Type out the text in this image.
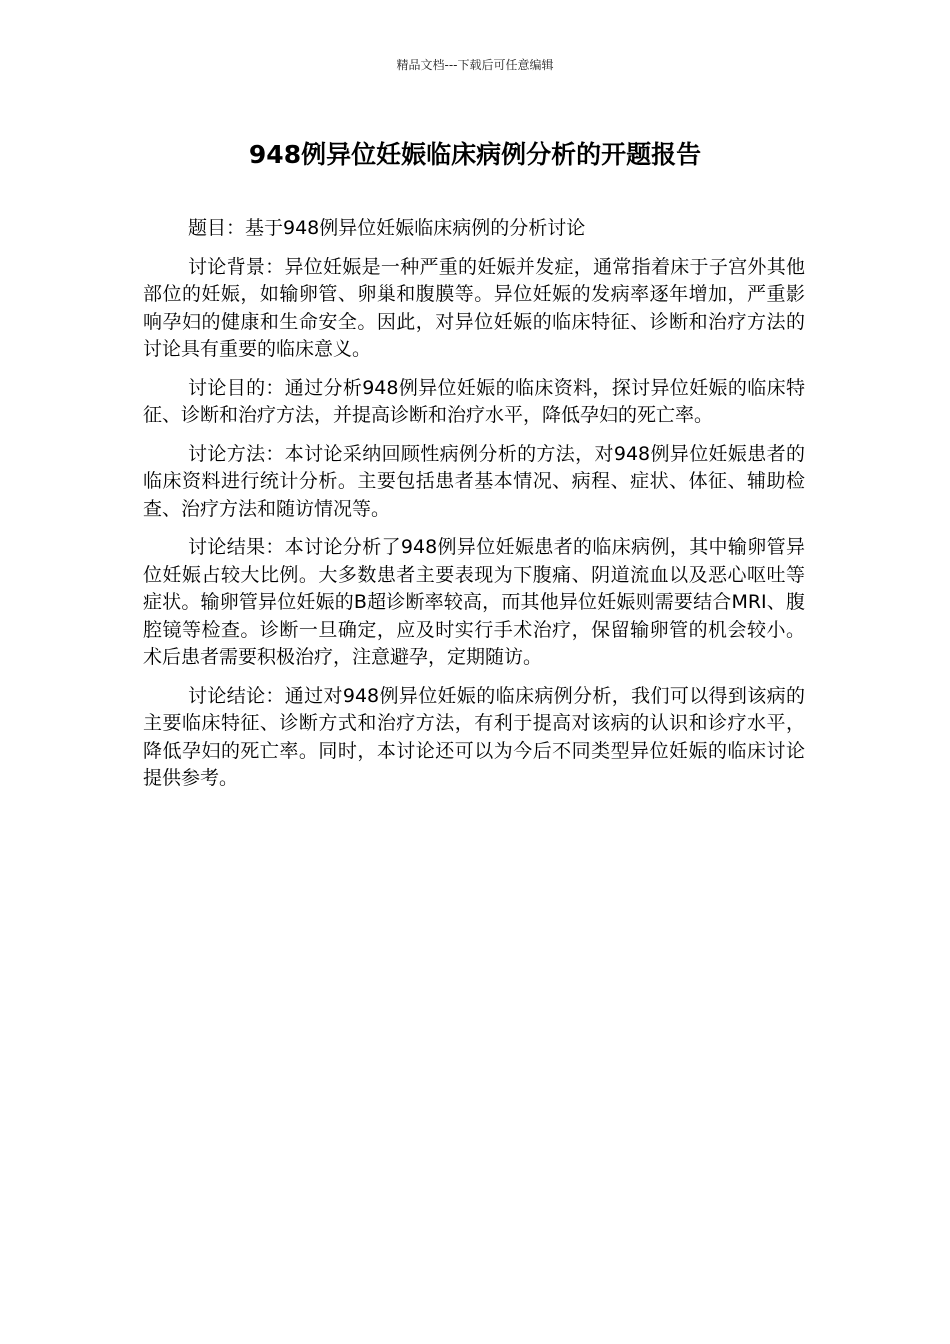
精品文档---下载后可任意编辑
948例异位妊娠临床病例分析的开题报告

题目：基于948例异位妊娠临床病例的分析讨论

讨论背景：异位妊娠是一种严重的妊娠并发症，通常指着床于子宫外其他部位的妊娠，如输卵管、卵巢和腹膜等。异位妊娠的发病率逐年增加，严重影响孕妇的健康和生命安全。因此，对异位妊娠的临床特征、诊断和治疗方法的讨论具有重要的临床意义。

讨论目的：通过分析948例异位妊娠的临床资料，探讨异位妊娠的临床特征、诊断和治疗方法，并提高诊断和治疗水平，降低孕妇的死亡率。

讨论方法：本讨论采纳回顾性病例分析的方法，对948例异位妊娠患者的临床资料进行统计分析。主要包括患者基本情况、病程、症状、体征、辅助检查、治疗方法和随访情况等。

讨论结果：本讨论分析了948例异位妊娠患者的临床病例，其中输卵管异位妊娠占较大比例。大多数患者主要表现为下腹痛、阴道流血以及恶心呕吐等症状。输卵管异位妊娠的B超诊断率较高，而其他异位妊娠则需要结合MRI、腹腔镜等检查。诊断一旦确定，应及时实行手术治疗，保留输卵管的机会较小。术后患者需要积极治疗，注意避孕，定期随访。

讨论结论：通过对948例异位妊娠的临床病例分析，我们可以得到该病的主要临床特征、诊断方式和治疗方法，有利于提高对该病的认识和诊疗水平，降低孕妇的死亡率。同时，本讨论还可以为今后不同类型异位妊娠的临床讨论提供参考。
